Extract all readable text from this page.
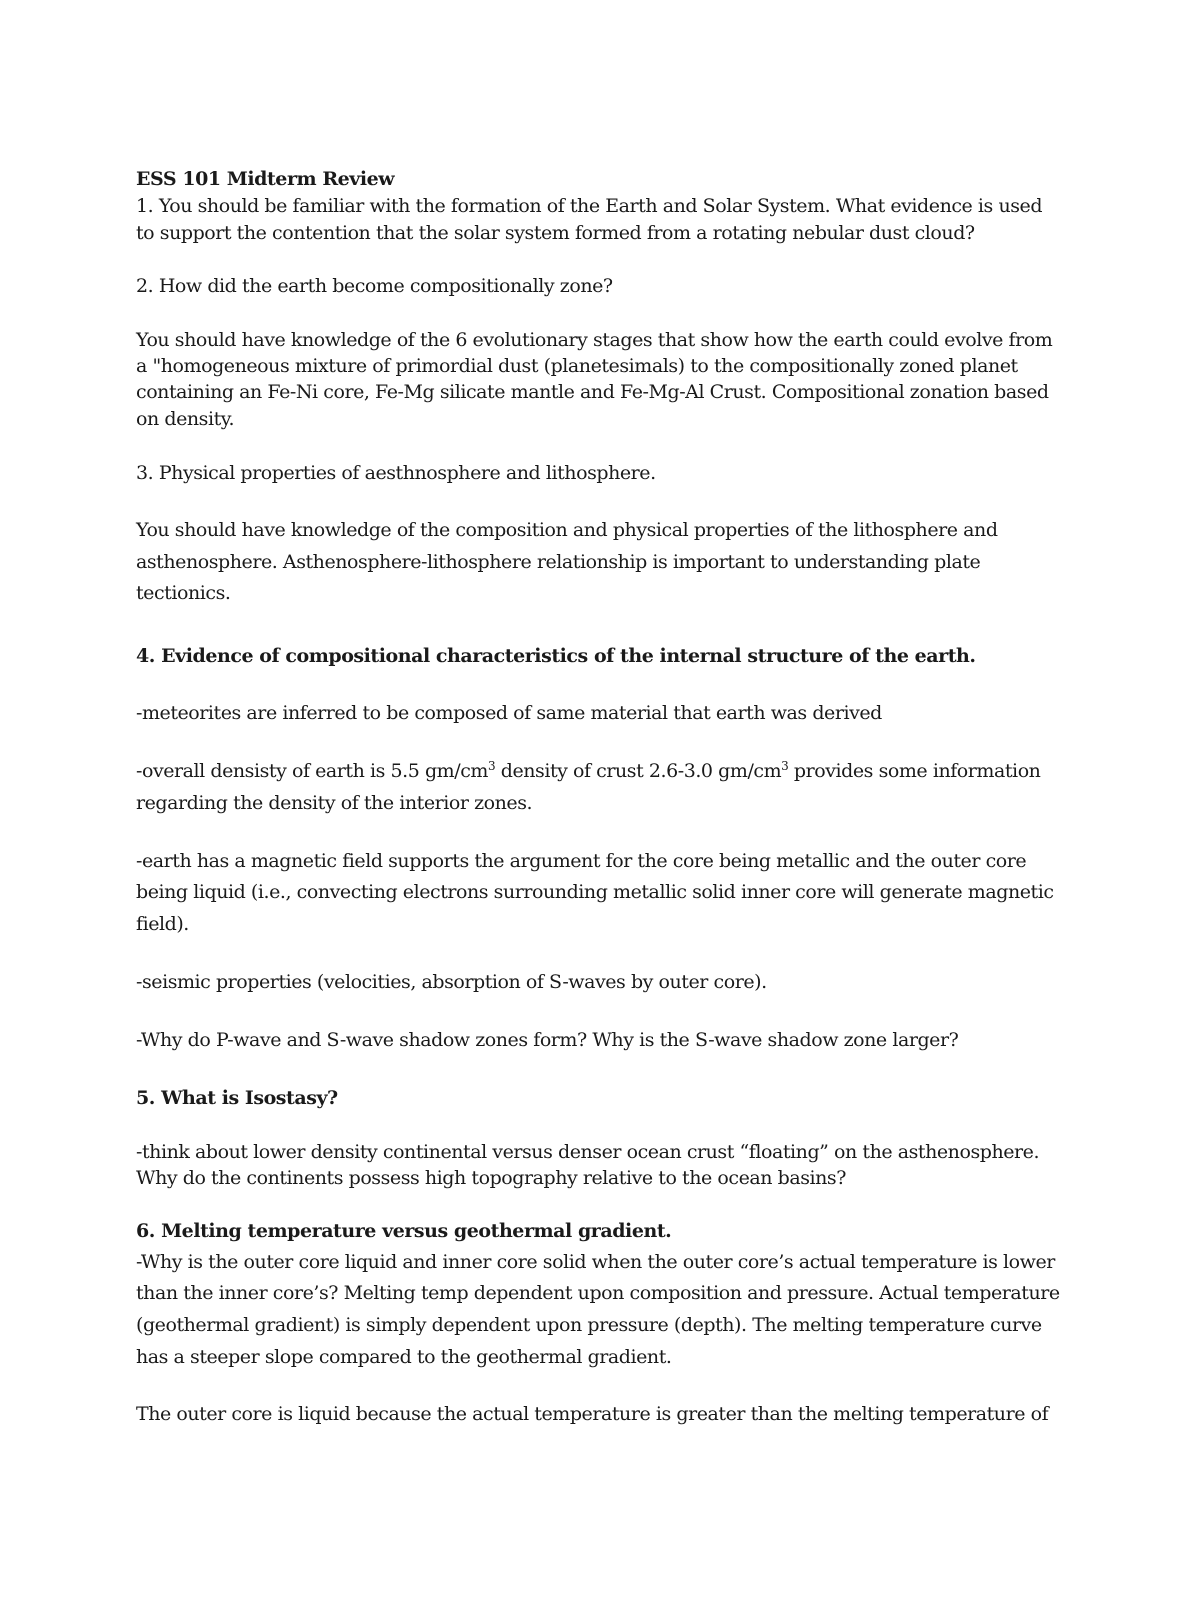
ESS 101 Midterm Review

1. You should be familiar with the formation of the Earth and Solar System. What evidence is used

to support the contention that the solar system formed from a rotating nebular dust cloud?

2. How did the earth become compositionally zone?

You should have knowledge of the 6 evolutionary stages that show how the earth could evolve from

a "homogeneous mixture of primordial dust (planetesimals) to the compositionally zoned planet

containing an Fe-Ni core, Fe-Mg silicate mantle and Fe-Mg-Al Crust. Compositional zonation based

on density.

3. Physical properties of aesthnosphere and lithosphere.

You should have knowledge of the composition and physical properties of the lithosphere and

asthenosphere. Asthenosphere-lithosphere relationship is important to understanding plate

tectionics.

4. Evidence of compositional characteristics of the internal structure of the earth.

-meteorites are inferred to be composed of same material that earth was derived

-overall densisty of earth is 5.5 $gm/cm^3$ density of crust 2.6-3.0 $gm/cm^3$ provides some information

regarding the density of the interior zones.

-earth has a magnetic field supports the argument for the core being metallic and the outer core

being liquid (i.e., convecting electrons surrounding metallic solid inner core will generate magnetic

field).

-seismic properties (velocities, absorption of S-waves by outer core).

-Why do P-wave and S-wave shadow zones form? Why is the S-wave shadow zone larger?

5. What is Isostasy?

-think about lower density continental versus denser ocean crust “floating” on the asthenosphere.

Why do the continents possess high topography relative to the ocean basins?

6. Melting temperature versus geothermal gradient.

-Why is the outer core liquid and inner core solid when the outer core’s actual temperature is lower

than the inner core’s? Melting temp dependent upon composition and pressure. Actual temperature

(geothermal gradient) is simply dependent upon pressure (depth). The melting temperature curve

has a steeper slope compared to the geothermal gradient.

The outer core is liquid because the actual temperature is greater than the melting temperature of
